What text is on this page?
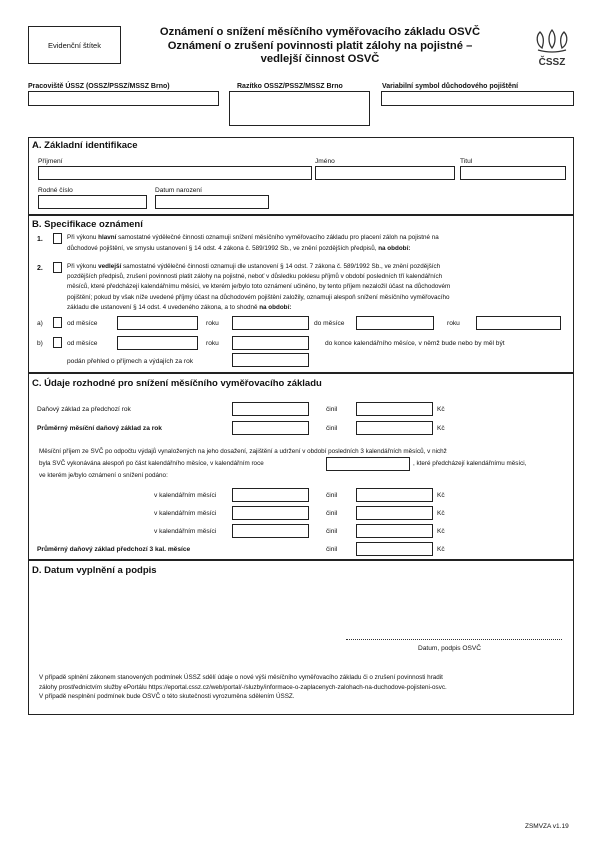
Evidenční štítek
Oznámení o snížení měsíčního vyměřovacího základu OSVČ
Oznámení o zrušení povinnosti platit zálohy na pojistné –
vedlejší činnost OSVČ	ČSSZ
Pracoviště ÚSSZ (OSSZ/PSSZ/MSSZ Brno)	Razítko OSSZ/PSSZ/MSSZ Brno	Variabilní symbol důchodového pojištění
A. Základní identifikace
Příjmení	Jméno	Titul
Rodné číslo	Datum narození
B. Specifikace oznámení
1.	Při výkonu hlavní samostatné výdělečné činnosti oznamuji snížení měsíčního vyměřovacího základu pro placení záloh na pojistné na
důchodové pojištění, ve smyslu ustanovení § 14 odst. 4 zákona č. 589/1992 Sb., ve znění pozdějších předpisů, na období:
2.	Při výkonu vedlejší samostatné výdělečné činnosti oznamuji dle ustanovení § 14 odst. 7 zákona č. 589/1992 Sb., ve znění pozdějších
pozdějších předpisů, zrušení povinnosti platit zálohy na pojistné, neboť v důsledku poklesu příjmů v období posledních tří kalendářních
měsíců, které předcházejí kalendářnímu měsíci, ve kterém je/bylo toto oznámení učiněno, by tento příjem nezaložil účast na důchodovém
pojištění; pokud by však níže uvedené příjmy účast na důchodovém pojištění založily, oznamuji alespoň snížení měsíčního vyměřovacího
základu dle ustanovení § 14 odst. 4 uvedeného zákona, a to shodně na období:
a)	od měsíce	roku	do měsíce	roku
b)	od měsíce	roku	do konce kalendářního měsíce, v němž bude nebo by měl být
podán přehled o příjmech a výdajích za rok
C. Údaje rozhodné pro snížení měsíčního vyměřovacího základu
Daňový základ za předchozí rok	činil	Kč
Průměrný měsíční daňový základ za rok	činil	Kč
Měsíční příjem ze SVČ po odpočtu výdajů vynaložených na jeho dosažení, zajištění a udržení v období posledních 3 kalendářních měsíců, v nichž
byla SVČ vykonávána alespoň po část kalendářního měsíce, v kalendářním roce	, které předcházejí kalendářnímu měsíci,
ve kterém je/bylo oznámení o snížení podáno:
v kalendářním měsíci	činil	Kč
v kalendářním měsíci	činil	Kč
v kalendářním měsíci	činil	Kč
Průměrný daňový základ předchozí 3 kal. měsíce	činil	Kč
D. Datum vyplnění a podpis
Datum, podpis OSVČ
V případě splnění zákonem stanovených podmínek ÚSSZ sdělí údaje o nové výši měsíčního vyměřovacího základu či o zrušení povinnosti hradit
zálohy prostřednictvím služby ePortálu https://eportal.cssz.cz/web/portal/-/sluzby/informace-o-zaplacenych-zalohach-na-duchodove-pojisteni-osvc.
V případě nesplnění podmínek bude OSVČ o této skutečnosti vyrozuměna sdělením ÚSSZ.
ZSMVZA v1.19
